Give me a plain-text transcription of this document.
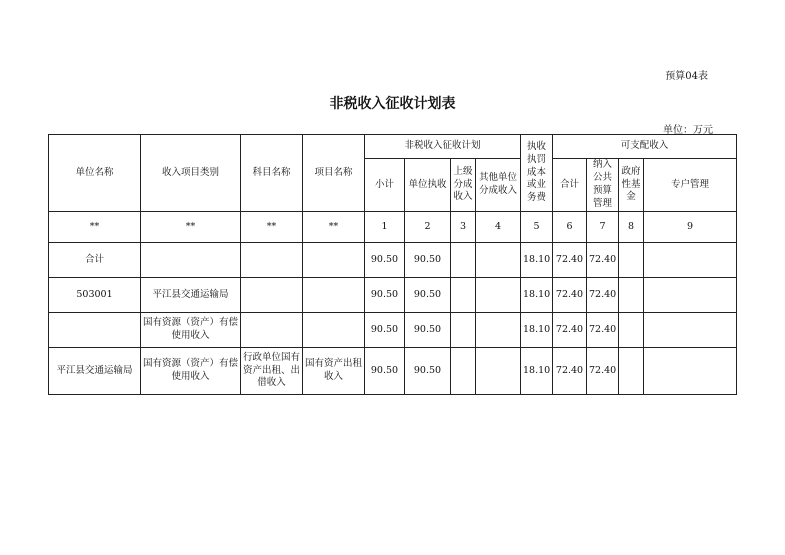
预算04表
非税收入征收计划表
单位：万元
单位名称	收入项目类别	科目名称	项目名称	非税收入征收计划				执收执罚成本或业务费	可支配收入			
				小计	单位执收	上级分成收入	其他单位分成收入		合计	纳入公共预算管理	政府性基金	专户管理
**	**	**	**	1	2	3	4	5	6	7	8	9
合计				90.50	90.50			18.10	72.40	72.40		
503001	平江县交通运输局			90.50	90.50			18.10	72.40	72.40		
	国有资源（资产）有偿使用收入			90.50	90.50			18.10	72.40	72.40		
平江县交通运输局	国有资源（资产）有偿使用收入	行政单位国有资产出租、出借收入	国有资产出租收入	90.50	90.50			18.10	72.40	72.40		
